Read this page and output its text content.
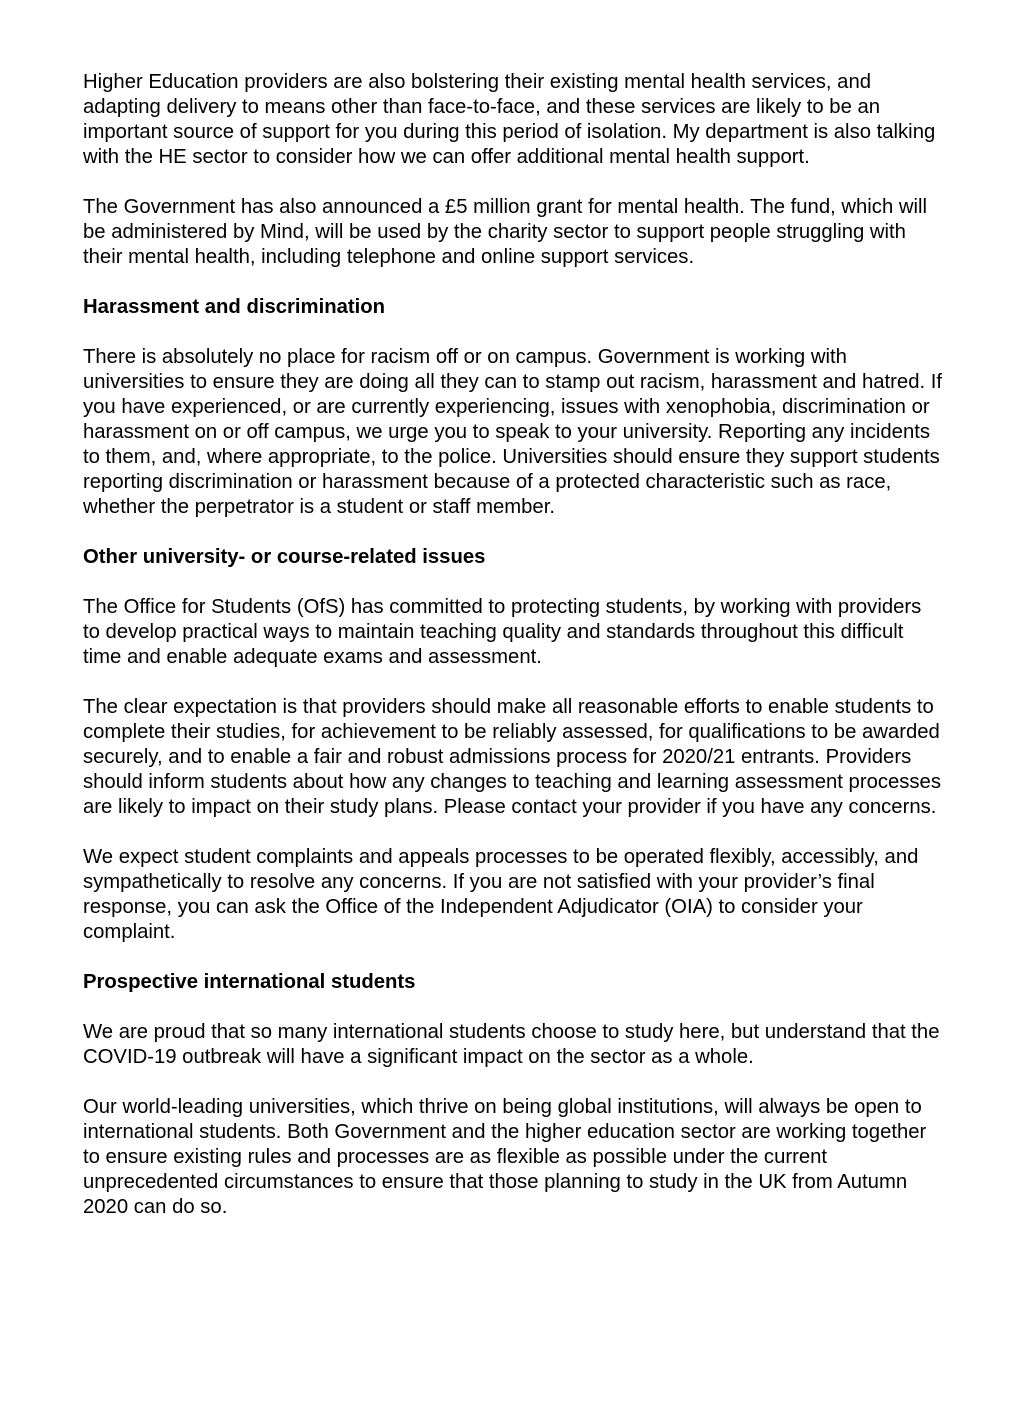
Higher Education providers are also bolstering their existing mental health services, and adapting delivery to means other than face-to-face, and these services are likely to be an important source of support for you during this period of isolation. My department is also talking with the HE sector to consider how we can offer additional mental health support.

The Government has also announced a £5 million grant for mental health. The fund, which will be administered by Mind, will be used by the charity sector to support people struggling with their mental health, including telephone and online support services.

Harassment and discrimination

There is absolutely no place for racism off or on campus. Government is working with universities to ensure they are doing all they can to stamp out racism, harassment and hatred. If you have experienced, or are currently experiencing, issues with xenophobia, discrimination or harassment on or off campus, we urge you to speak to your university. Reporting any incidents to them, and, where appropriate, to the police. Universities should ensure they support students reporting discrimination or harassment because of a protected characteristic such as race, whether the perpetrator is a student or staff member.

Other university- or course-related issues

The Office for Students (OfS) has committed to protecting students, by working with providers to develop practical ways to maintain teaching quality and standards throughout this difficult time and enable adequate exams and assessment.

The clear expectation is that providers should make all reasonable efforts to enable students to complete their studies, for achievement to be reliably assessed, for qualifications to be awarded securely, and to enable a fair and robust admissions process for 2020/21 entrants. Providers should inform students about how any changes to teaching and learning assessment processes are likely to impact on their study plans. Please contact your provider if you have any concerns.

We expect student complaints and appeals processes to be operated flexibly, accessibly, and sympathetically to resolve any concerns. If you are not satisfied with your provider’s final response, you can ask the Office of the Independent Adjudicator (OIA) to consider your complaint.

Prospective international students

We are proud that so many international students choose to study here, but understand that the COVID-19 outbreak will have a significant impact on the sector as a whole.

Our world-leading universities, which thrive on being global institutions, will always be open to international students. Both Government and the higher education sector are working together to ensure existing rules and processes are as flexible as possible under the current unprecedented circumstances to ensure that those planning to study in the UK from Autumn 2020 can do so.
